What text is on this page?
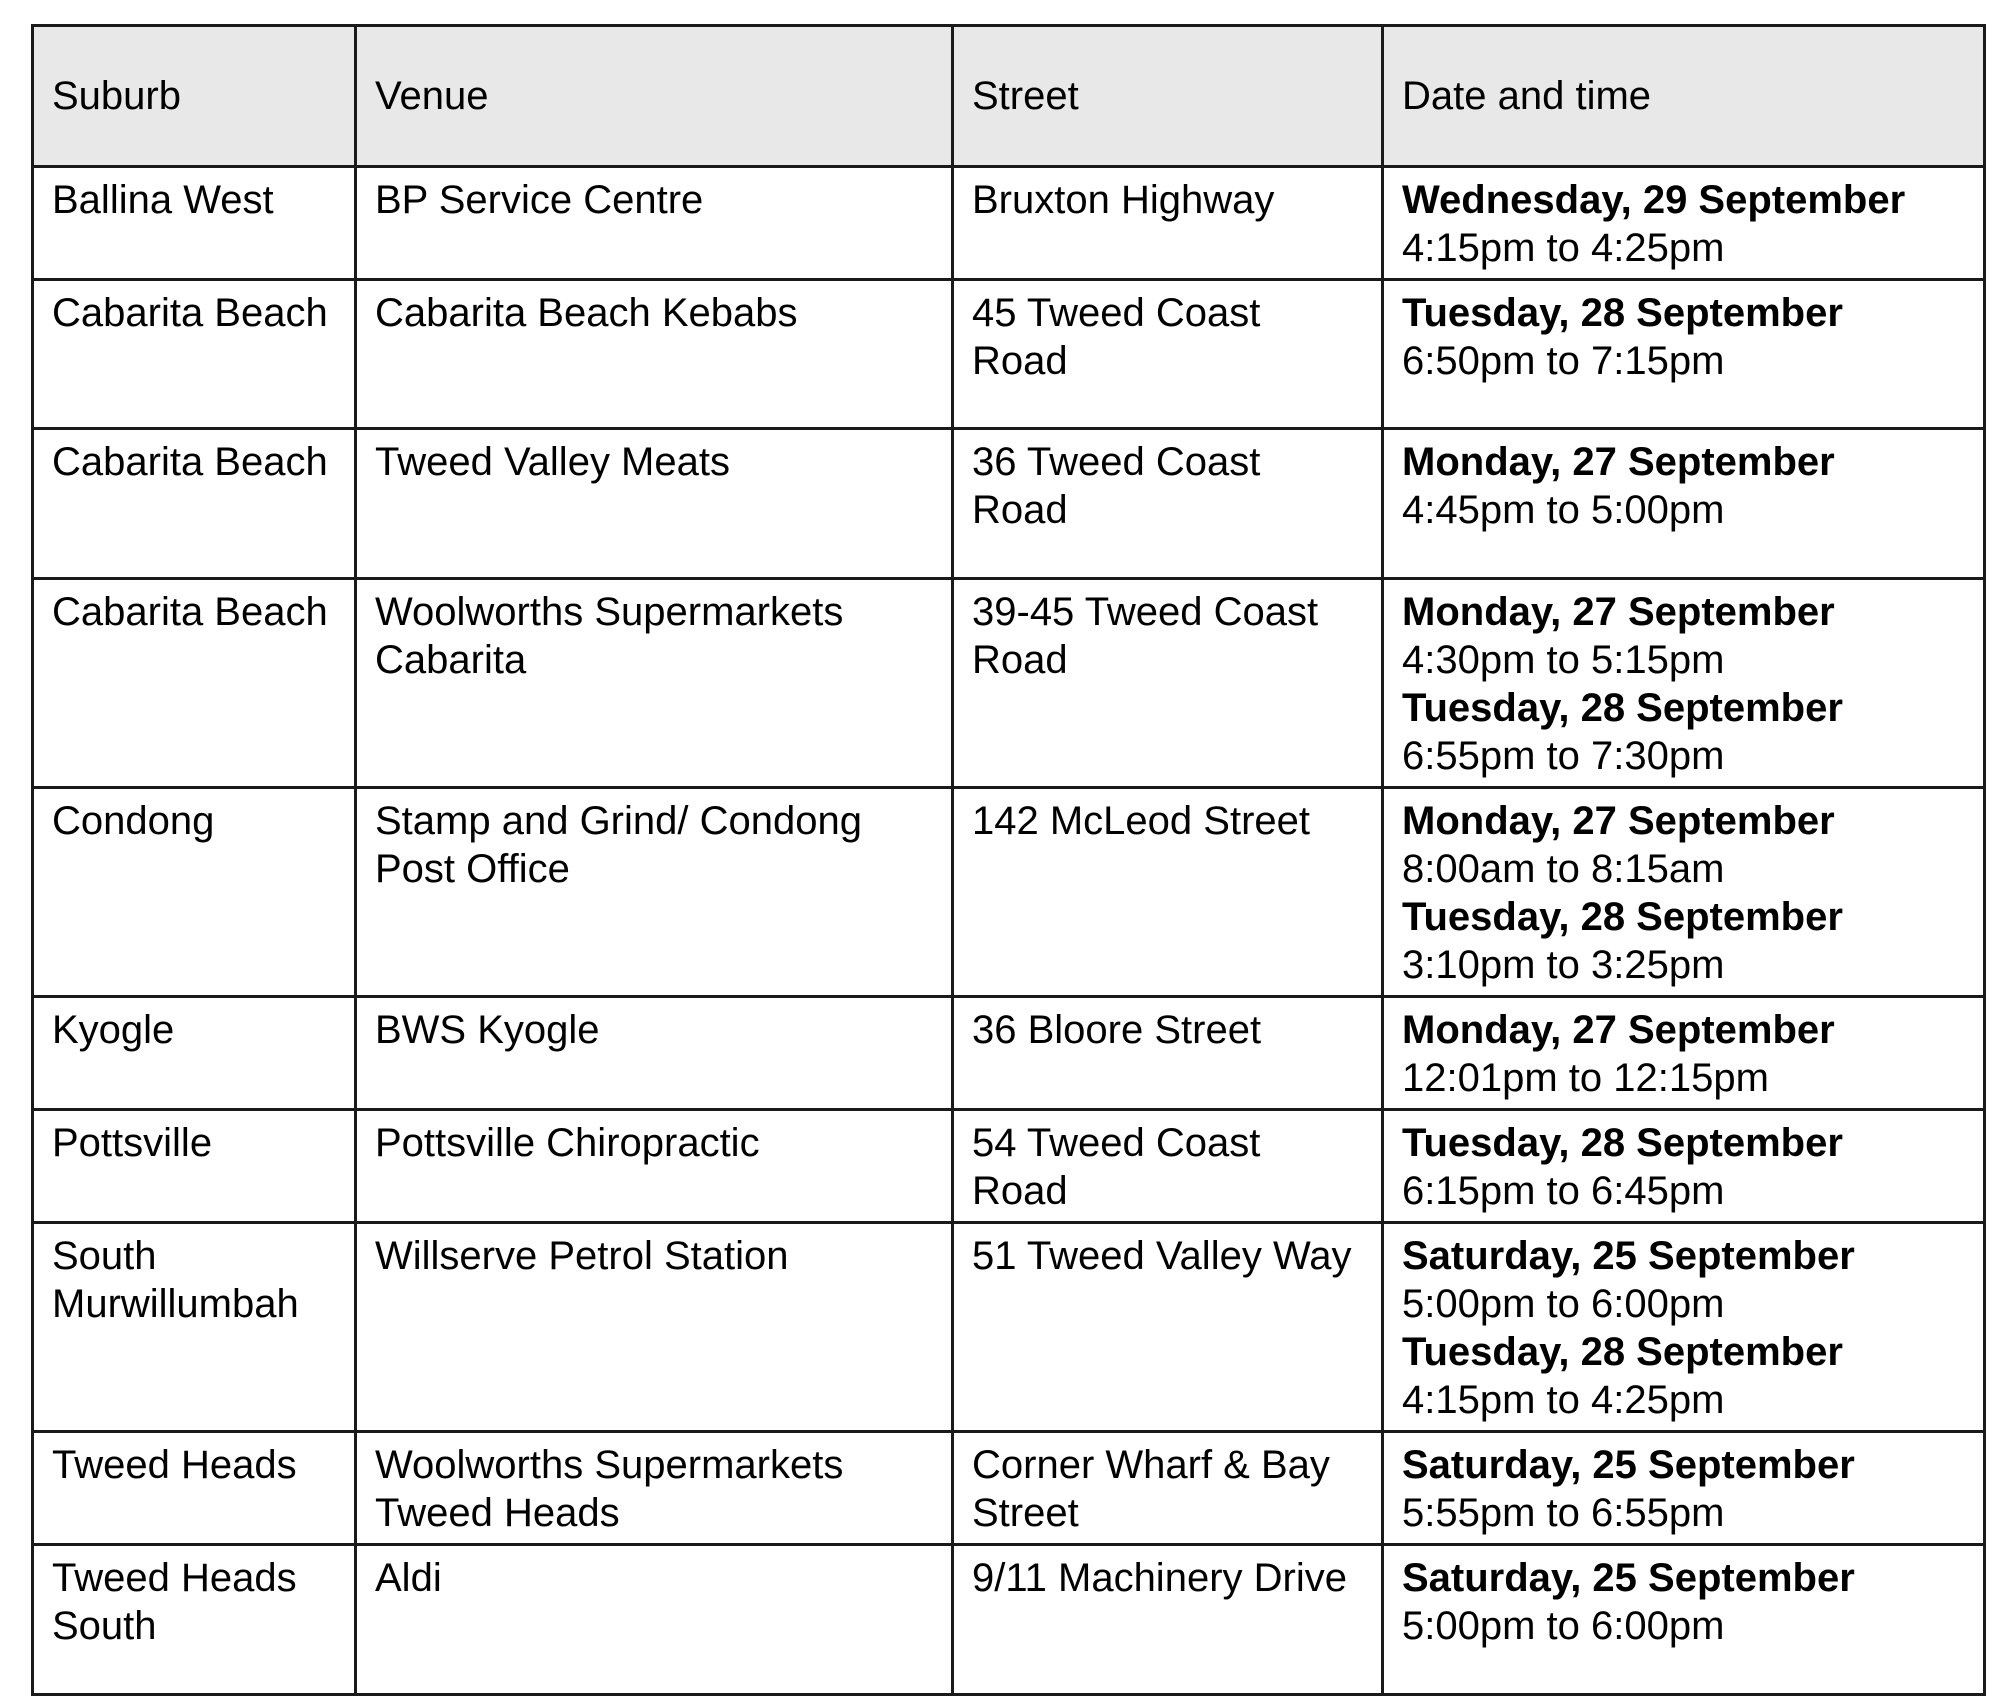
Suburb	Venue	Street	Date and time
Ballina West	BP Service Centre	Bruxton Highway	Wednesday, 29 September
4:15pm to 4:25pm

Cabarita Beach	Cabarita Beach Kebabs	45 Tweed Coast Road	Tuesday, 28 September
6:50pm to 7:15pm

Cabarita Beach	Tweed Valley Meats	36 Tweed Coast Road	Monday, 27 September
4:45pm to 5:00pm

Cabarita Beach	Woolworths Supermarkets Cabarita	39-45 Tweed Coast Road	Monday, 27 September
4:30pm to 5:15pm
Tuesday, 28 September
6:55pm to 7:30pm

Condong	Stamp and Grind/ Condong Post Office	142 McLeod Street	Monday, 27 September
8:00am to 8:15am
Tuesday, 28 September
3:10pm to 3:25pm

Kyogle	BWS Kyogle	36 Bloore Street	Monday, 27 September
12:01pm to 12:15pm

Pottsville	Pottsville Chiropractic	54 Tweed Coast Road	Tuesday, 28 September
6:15pm to 6:45pm

South Murwillumbah	Willserve Petrol Station	51 Tweed Valley Way	Saturday, 25 September
5:00pm to 6:00pm
Tuesday, 28 September
4:15pm to 4:25pm

Tweed Heads	Woolworths Supermarkets Tweed Heads	Corner Wharf & Bay Street	Saturday, 25 September
5:55pm to 6:55pm

Tweed Heads South	Aldi	9/11 Machinery Drive	Saturday, 25 September
5:00pm to 6:00pm
